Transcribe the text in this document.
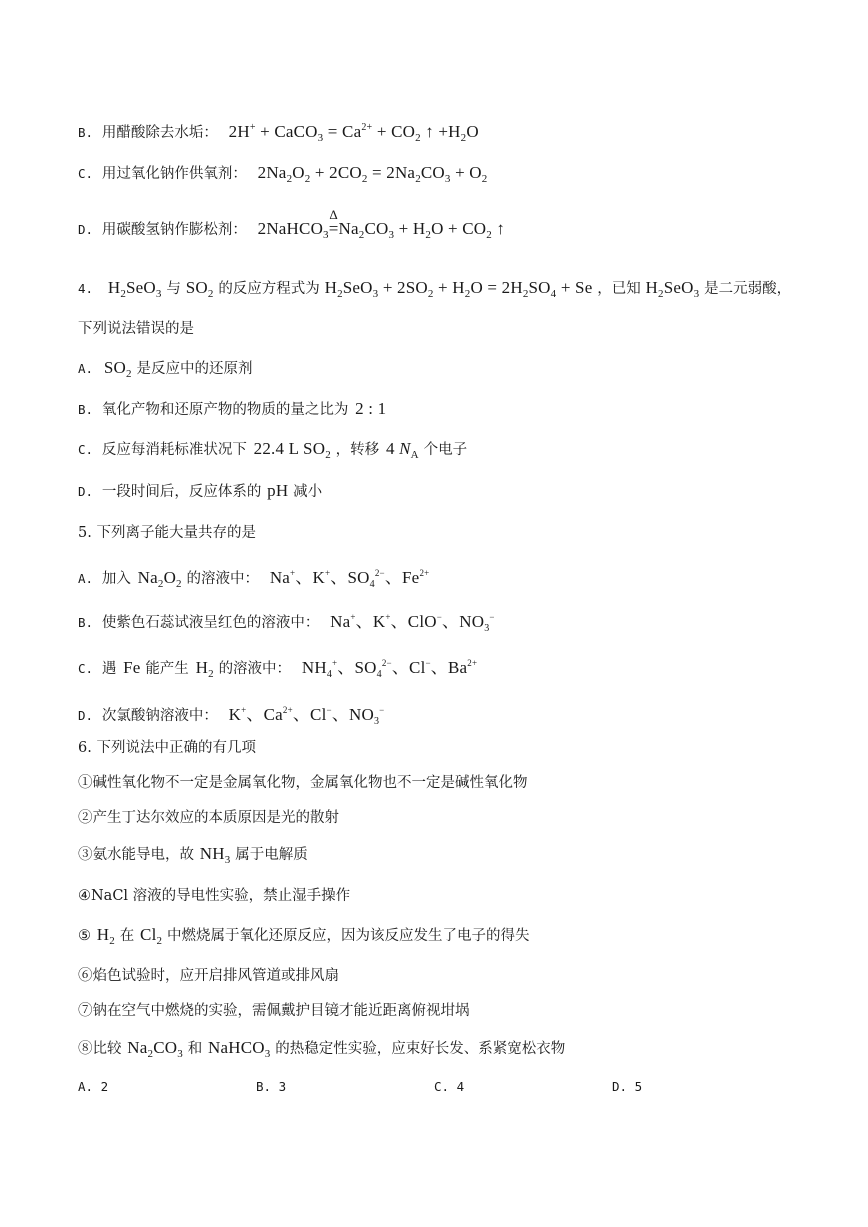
B. 用醋酸除去水垢： 2H+ + CaCO$_3$ = $Ca^{2+} + CO_2$ ↑ $+H_2O$
C. 用过氧化钠作供氧剂： $2Na_2O_2 + 2CO_2 = 2Na_2CO_3 + O_2$
D. 用碳酸氢钠作膨松剂： 2NaHCO$_3$=
Δ
$Na_2CO_3 + H_2O + CO_2$ ↑
4. $H_2SeO_3$ 与 $SO_2$ 的反应方程式为 $H_2SeO_3 + 2SO_2 + H_2O = 2H_2SO_4 + Se$ ，已知 $H_2SeO_3$ 是二元弱酸，
下列说法错误的是
A. $SO_2$ 是反应中的还原剂
B. 氧化产物和还原产物的物质的量之比为 2 : 1
C. 反应每消耗标准状况下 22.4 L $SO_2$ ，转移 4 $N_A$ 个电子
D. 一段时间后，反应体系的 pH 减小
5. 下列离子能大量共存的是
A. 加入 $Na_2O_2$ 的溶液中： Na+、K+、$SO_4^{2-}$、$Fe^{2+}$
B. 使紫色石蕊试液呈红色的溶液中： Na+、K+、ClO−、$NO_3^-$
C. 遇 Fe 能产生 $H_2$ 的溶液中： $NH_4^+$、$SO_4^{2-}$、Cl−、$Ba^{2+}$
D. 次氯酸钠溶液中： K+、$Ca^{2+}$、Cl−、$NO_3^-$
6. 下列说法中正确的有几项
①碱性氧化物不一定是金属氧化物，金属氧化物也不一定是碱性氧化物
②产生丁达尔效应的本质原因是光的散射
③氨水能导电，故 $NH_3$ 属于电解质
④NaCl 溶液的导电性实验，禁止湿手操作
⑤ $H_2$ 在 $Cl_2$ 中燃烧属于氧化还原反应，因为该反应发生了电子的得失
⑥焰色试验时，应开启排风管道或排风扇
⑦钠在空气中燃烧的实验，需佩戴护目镜才能近距离俯视坩埚
⑧比较 $Na_2CO_3$ 和 NaHCO$_3$ 的热稳定性实验，应束好长发、系紧宽松衣物
A. 2	B. 3	C. 4	D. 5
